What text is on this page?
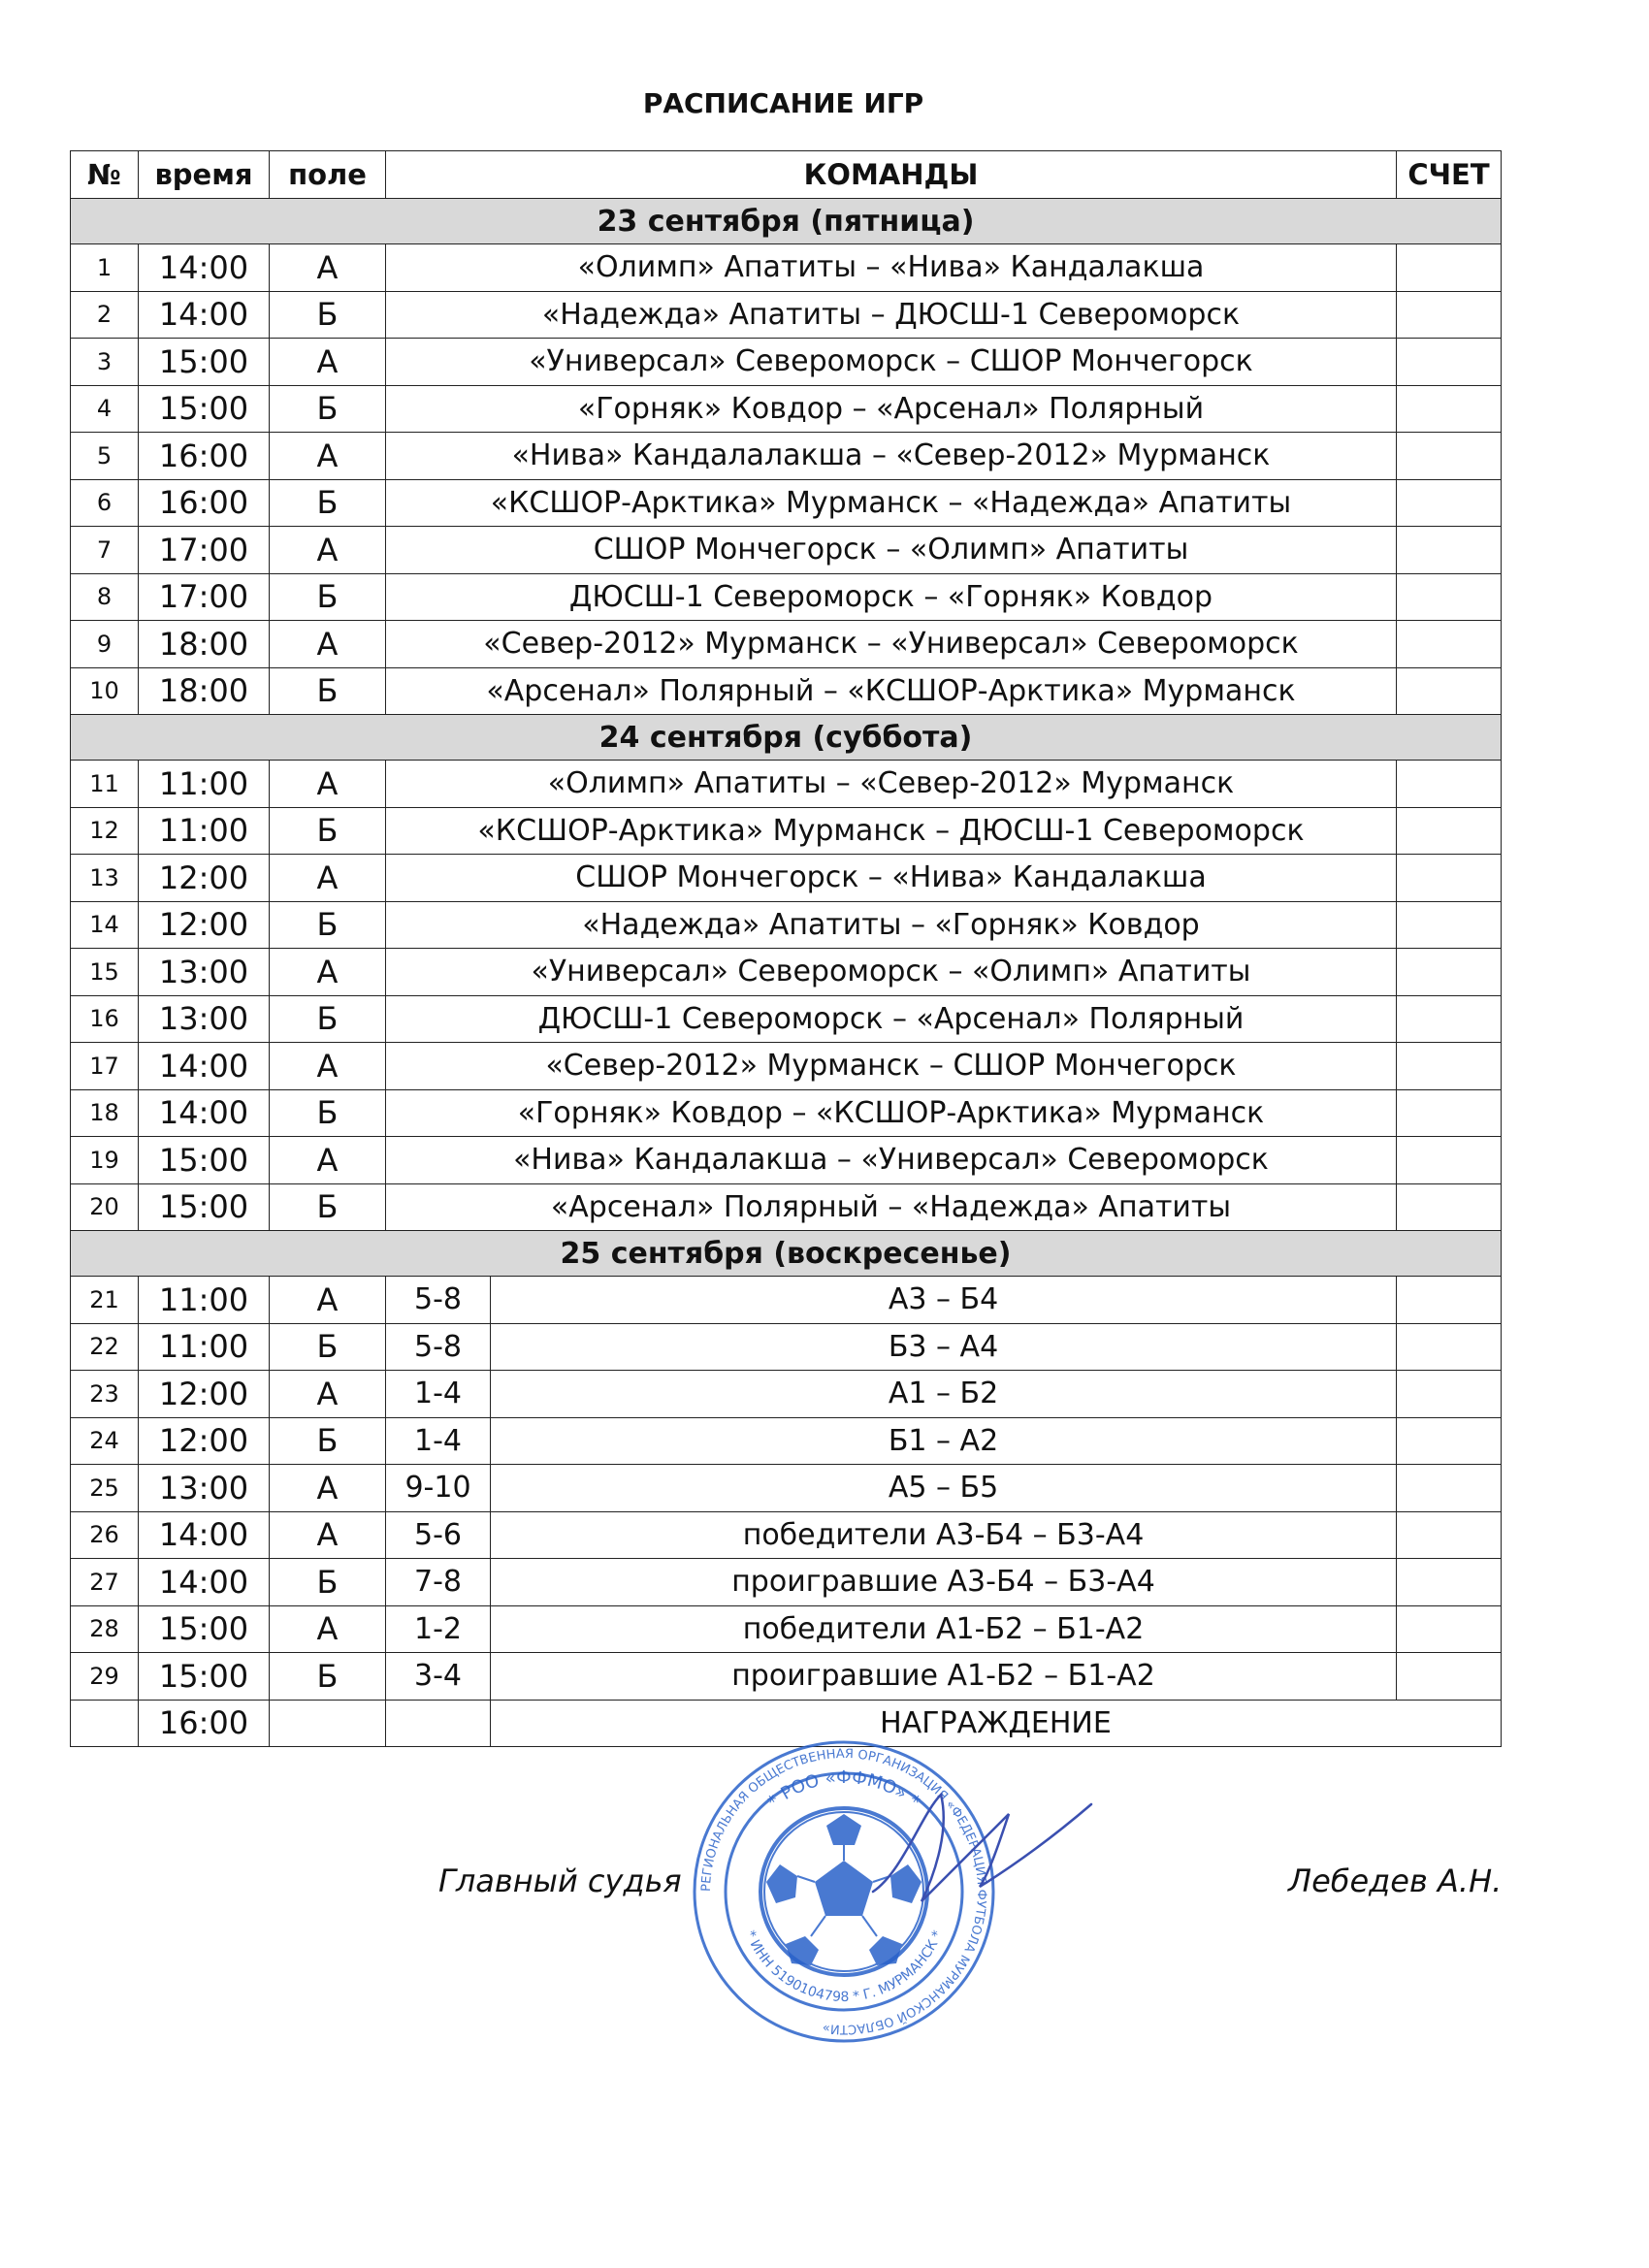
РАСПИСАНИЕ ИГР
№	время	поле	КОМАНДЫ		СЧЕТ
23 сентября (пятница)					
1	14:00	А	«Олимп» Апатиты – «Нива» Кандалакша		
2	14:00	Б	«Надежда» Апатиты – ДЮСШ-1 Североморск		
3	15:00	А	«Универсал» Североморск – СШОР Мончегорск		
4	15:00	Б	«Горняк» Ковдор – «Арсенал» Полярный		
5	16:00	А	«Нива» Кандалалакша – «Север-2012» Мурманск		
6	16:00	Б	«КСШОР-Арктика» Мурманск – «Надежда» Апатиты		
7	17:00	А	СШОР Мончегорск – «Олимп» Апатиты		
8	17:00	Б	ДЮСШ-1 Североморск – «Горняк» Ковдор		
9	18:00	А	«Север-2012» Мурманск – «Универсал» Североморск		
10	18:00	Б	«Арсенал» Полярный – «КСШОР-Арктика» Мурманск		
24 сентября (суббота)					
11	11:00	А	«Олимп» Апатиты – «Север-2012» Мурманск		
12	11:00	Б	«КСШОР-Арктика» Мурманск – ДЮСШ-1 Североморск		
13	12:00	А	СШОР Мончегорск – «Нива» Кандалакша		
14	12:00	Б	«Надежда» Апатиты – «Горняк» Ковдор		
15	13:00	А	«Универсал» Североморск – «Олимп» Апатиты		
16	13:00	Б	ДЮСШ-1 Североморск – «Арсенал» Полярный		
17	14:00	А	«Север-2012» Мурманск – СШОР Мончегорск		
18	14:00	Б	«Горняк» Ковдор – «КСШОР-Арктика» Мурманск		
19	15:00	А	«Нива» Кандалакша – «Универсал» Североморск		
20	15:00	Б	«Арсенал» Полярный – «Надежда» Апатиты		
25 сентября (воскресенье)					
21	11:00	А	5-8	А3 – Б4	
22	11:00	Б	5-8	Б3 – А4	
23	12:00	А	1-4	А1 – Б2	
24	12:00	Б	1-4	Б1 – А2	
25	13:00	А	9-10	А5 – Б5	
26	14:00	А	5-6	победители А3-Б4 – Б3-А4	
27	14:00	Б	7-8	проигравшие А3-Б4 – Б3-А4	
28	15:00	А	1-2	победители А1-Б2 – Б1-А2	
29	15:00	Б	3-4	проигравшие А1-Б2 – Б1-А2	
	16:00			НАГРАЖДЕНИЕ	
Главный судья РЕГИОНАЛЬНАЯ ОБЩЕСТВЕННАЯ ОРГАНИЗАЦИЯ «ФЕДЕРАЦИЯ ФУТБОЛА МУРМАНСКОЙ ОБЛАСТИ»
* РОО «ФФМО» *
* ИНН 5190104798 * Г. МУРМАНСК *
Лебедев А.Н.
